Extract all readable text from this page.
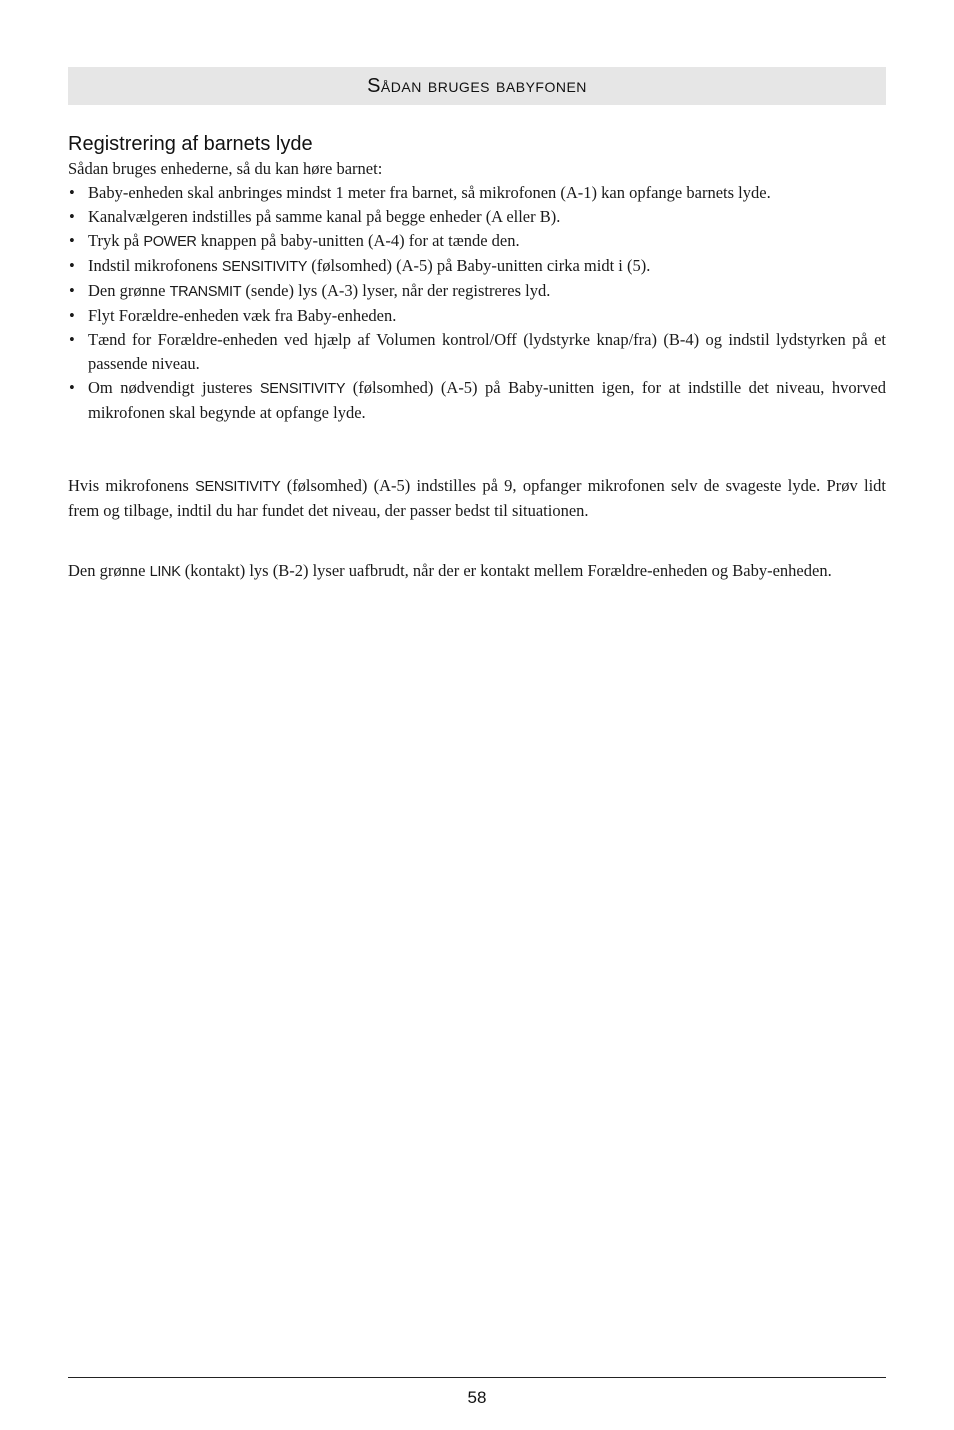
Sådan bruges babyfonen
Registrering af barnets lyde
Sådan bruges enhederne, så du kan høre barnet:
• Baby-enheden skal anbringes mindst 1 meter fra barnet, så mikrofonen (A-1) kan opfange barnets lyde.
• Kanalvælgeren indstilles på samme kanal på begge enheder (A eller B).
• Tryk på POWER knappen på baby-unitten (A-4) for at tænde den.
• Indstil mikrofonens SENSITIVITY (følsomhed) (A-5) på Baby-unitten cirka midt i (5).
• Den grønne TRANSMIT (sende) lys (A-3) lyser, når der registreres lyd.
• Flyt Forældre-enheden væk fra Baby-enheden.
• Tænd for Forældre-enheden ved hjælp af Volumen kontrol/Off (lydstyrke knap/fra) (B-4) og indstil lydstyrken på et passende niveau.
• Om nødvendigt justeres SENSITIVITY (følsomhed) (A-5) på Baby-unitten igen, for at indstille det niveau, hvorved mikrofonen skal begynde at opfange lyde.

Hvis mikrofonens SENSITIVITY (følsomhed) (A-5) indstilles på 9, opfanger mikrofonen selv de svageste lyde. Prøv lidt frem og tilbage, indtil du har fundet det niveau, der passer bedst til situationen.

Den grønne LINK (kontakt) lys (B-2) lyser uafbrudt, når der er kontakt mellem Forældre-enheden og Baby-enheden.

58
